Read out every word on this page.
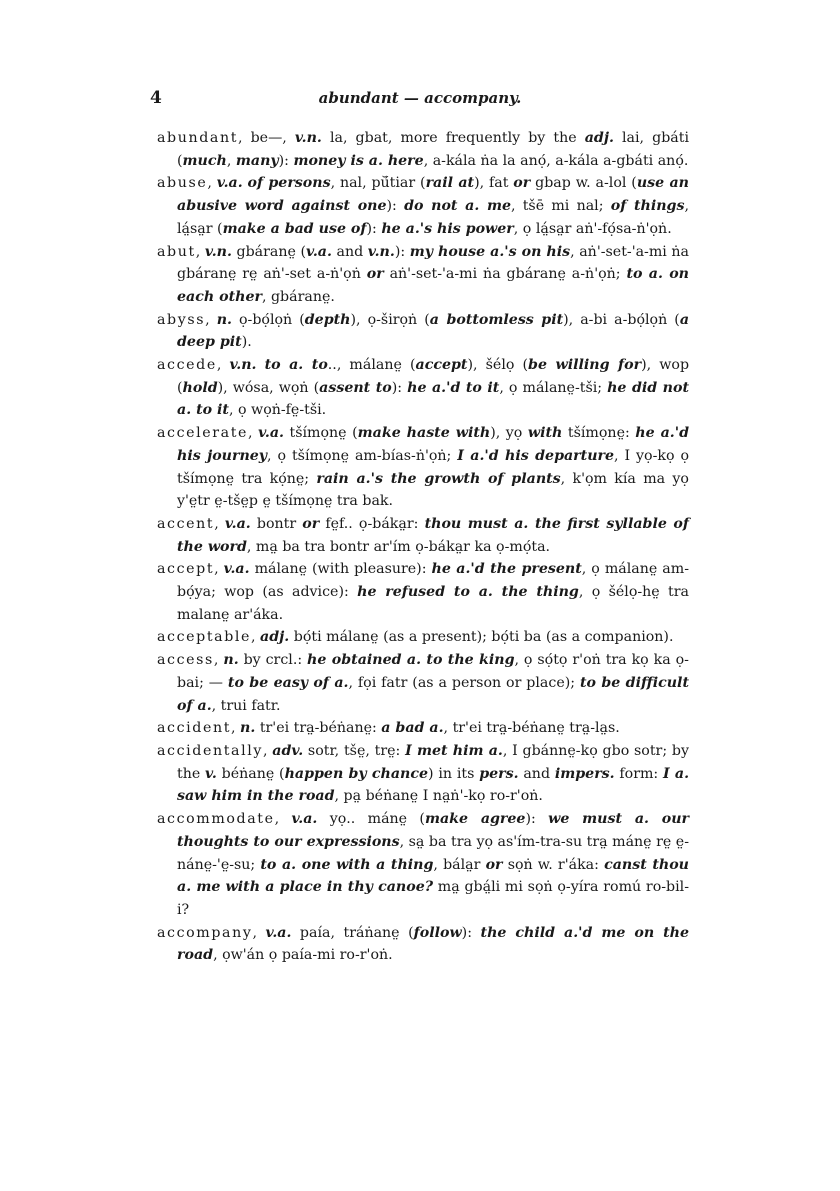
4	abundant — accompany.

abundant, be—, v.n. la, gbat, more frequently by the adj. lai, gbáti (much, many): money is a. here, a-kála ṅa la anọ́, a-kála a-gbáti anọ́.

abuse, v.a. of persons, nal, pŭ́tiar (rail at), fat or gbap w. a-lol (use an abusive word against one): do not a. me, tšē mi nal; of things, lá̤sa̤r (make a bad use of): he a.'s his power, ọ lá̤sa̤r aṅ'-fọ́sa-ṅ'ọṅ.

abut, v.n. gbárane̤ (v.a. and v.n.): my house a.'s on his, aṅ'-set-'a-mi ṅa gbárane̤ re̤ aṅ'-set a-ṅ'ọṅ or aṅ'-set-'a-mi ṅa gbárane̤ a-ṅ'ọṅ; to a. on each other, gbárane̤.

abyss, n. ọ-bọ́lọṅ (depth), ọ-širọṅ (a bottomless pit), a-bi a-bọ́lọṅ (a deep pit).

accede, v.n. to a. to.., málane̤ (accept), šélọ (be willing for), wop (hold), wósa, wọṅ (assent to): he a.'d to it, ọ málane̤-tši; he did not a. to it, ọ wọṅ-fe̤-tši.

accelerate, v.a. tšímọne̤ (make haste with), yọ with tšímọne̤: he a.'d his journey, ọ tšímọne̤ am-bías-ṅ'ọṅ; I a.'d his departure, I yọ-kọ ọ tšímọne̤ tra kọ́ne̤; rain a.'s the growth of plants, k'ọm kía ma yọ y'e̤tr e̤-tše̤p e̤ tšímọne̤ tra bak.

accent, v.a. bontr or fe̤f.. ọ-báka̤r: thou must a. the first syllable of the word, ma̤ ba tra bontr ar'ím ọ-báka̤r ka ọ-mọ́ta.

accept, v.a. málane̤ (with pleasure): he a.'d the present, ọ málane̤ am-bọ́ya; wop (as advice): he refused to a. the thing, ọ šélọ-he̤ tra malane̤ ar'áka.

acceptable, adj. bọ́ti málane̤ (as a present); bọ́ti ba (as a companion).

access, n. by crcl.: he obtained a. to the king, ọ sọ́tọ r'oṅ tra kọ ka ọ-bai; — to be easy of a., fọi fatr (as a person or place); to be difficult of a., trui fatr.

accident, n. tr'ei tra̤-béṅane̤: a bad a., tr'ei tra̤-béṅane̤ tra̤-la̤s.

accidentally, adv. sotr, tše̤, tre̤: I met him a., I gbánne̤-kọ gbo sotr; by the v. béṅane̤ (happen by chance) in its pers. and impers. form: I a. saw him in the road, pa̤ béṅane̤ I na̤ṅ'-kọ ro-r'oṅ.

accommodate, v.a. yọ.. máne̤ (make agree): we must a. our thoughts to our expressions, sa̤ ba tra yọ as'ím-tra-su tra̤ máne̤ re̤ e̤-náne̤-'e̤-su; to a. one with a thing, bála̤r or sọṅ w. r'áka: canst thou a. me with a place in thy canoe? ma̤ gbá̤li mi sọṅ ọ-yíra romú ro-bil-i?

accompany, v.a. paía, tráṅane̤ (follow): the child a.'d me on the road, ọw'án ọ paía-mi ro-r'oṅ.
